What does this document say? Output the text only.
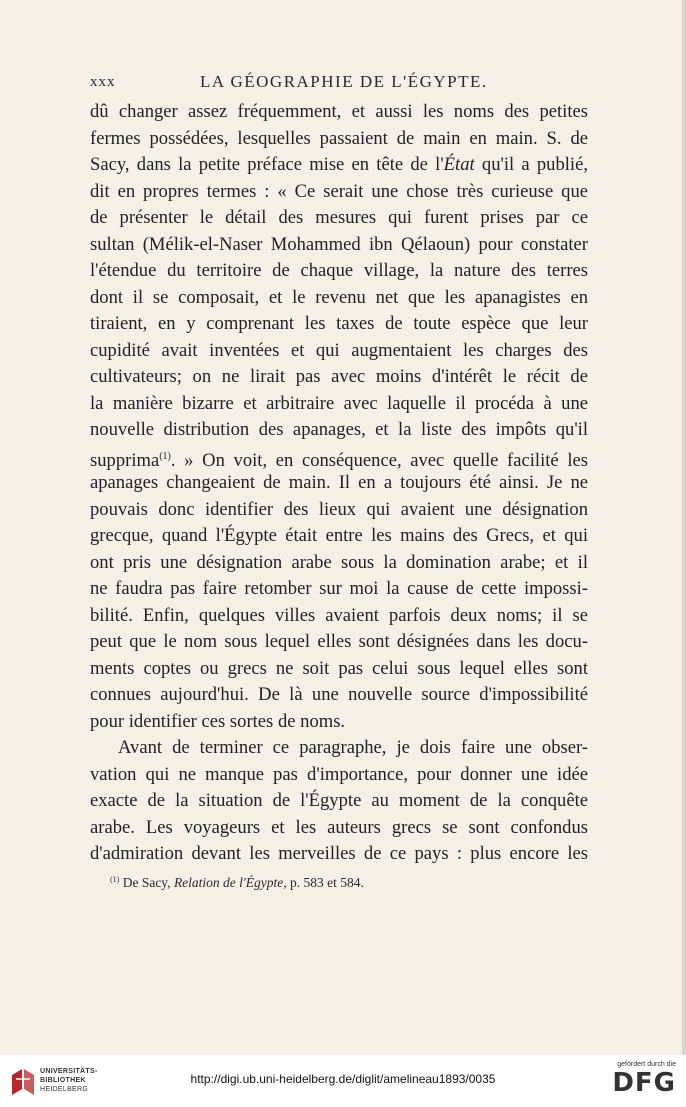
xxx	LA GÉOGRAPHIE DE L'ÉGYPTE.
dû changer assez fréquemment, et aussi les noms des petites
fermes possédées, lesquelles passaient de main en main. S. de
Sacy, dans la petite préface mise en tête de l'État qu'il a publié,
dit en propres termes : « Ce serait une chose très curieuse que
de présenter le détail des mesures qui furent prises par ce
sultan (Mélik-el-Naser Mohammed ibn Qélaoun) pour constater
l'étendue du territoire de chaque village, la nature des terres
dont il se composait, et le revenu net que les apanagistes en
tiraient, en y comprenant les taxes de toute espèce que leur
cupidité avait inventées et qui augmentaient les charges des
cultivateurs; on ne lirait pas avec moins d'intérêt le récit de
la manière bizarre et arbitraire avec laquelle il procéda à une
nouvelle distribution des apanages, et la liste des impôts qu'il
supprima$^{(1)}$. » On voit, en conséquence, avec quelle facilité les
apanages changeaient de main. Il en a toujours été ainsi. Je ne
pouvais donc identifier des lieux qui avaient une désignation
grecque, quand l'Égypte était entre les mains des Grecs, et qui
ont pris une désignation arabe sous la domination arabe; et il
ne faudra pas faire retomber sur moi la cause de cette impossi-
bilité. Enfin, quelques villes avaient parfois deux noms; il se
peut que le nom sous lequel elles sont désignées dans les docu-
ments coptes ou grecs ne soit pas celui sous lequel elles sont
connues aujourd'hui. De là une nouvelle source d'impossibilité
pour identifier ces sortes de noms.
Avant de terminer ce paragraphe, je dois faire une obser-
vation qui ne manque pas d'importance, pour donner une idée
exacte de la situation de l'Égypte au moment de la conquête
arabe. Les voyageurs et les auteurs grecs se sont confondus
d'admiration devant les merveilles de ce pays : plus encore les
$^{(1)}$ De Sacy, Relation de l'Égypte, p. 583 et 584.
UNIVERSITÄTS-
BIBLIOTHEK
HEIDELBERG
http://digi.ub.uni-heidelberg.de/diglit/amelineau1893/0035
gefördert durch die
DFG
